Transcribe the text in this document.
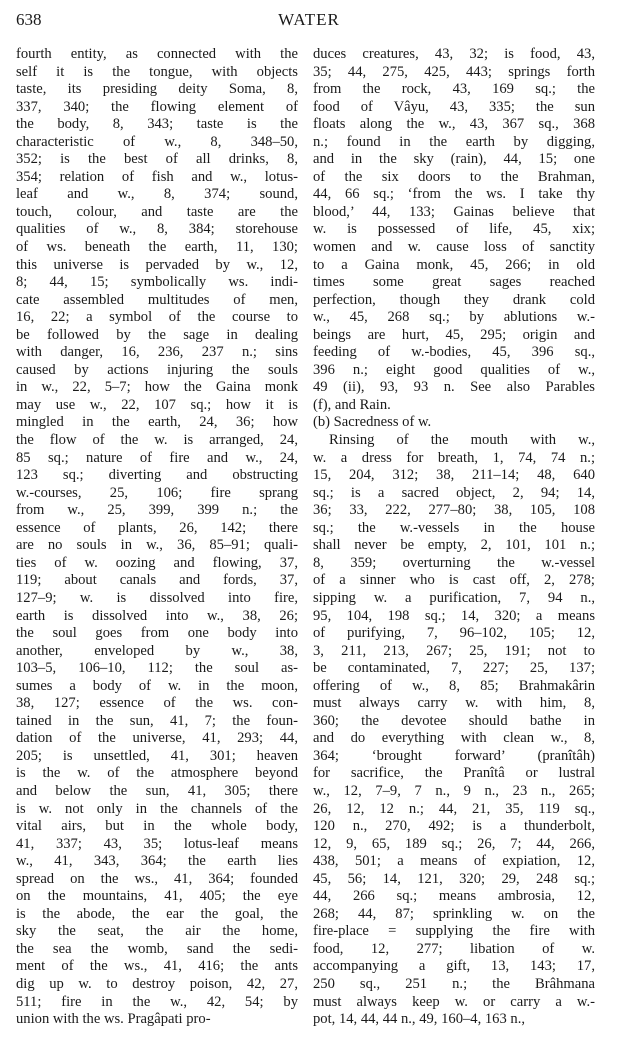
638	WATER
fourth entity, as connected with the
self it is the tongue, with objects
taste, its presiding deity Soma, 8,
337, 340; the flowing element of
the body, 8, 343; taste is the
characteristic of w., 8, 348–50,
352; is the best of all drinks, 8,
354; relation of fish and w., lotus-
leaf and w., 8, 374; sound,
touch, colour, and taste are the
qualities of w., 8, 384; storehouse
of ws. beneath the earth, 11, 130;
this universe is pervaded by w., 12,
8; 44, 15; symbolically ws. indi-
cate assembled multitudes of men,
16, 22; a symbol of the course to
be followed by the sage in dealing
with danger, 16, 236, 237 n.; sins
caused by actions injuring the souls
in w., 22, 5–7; how the Gaina monk
may use w., 22, 107 sq.; how it is
mingled in the earth, 24, 36; how
the flow of the w. is arranged, 24,
85 sq.; nature of fire and w., 24,
123 sq.; diverting and obstructing
w.-courses, 25, 106; fire sprang
from w., 25, 399, 399 n.; the
essence of plants, 26, 142; there
are no souls in w., 36, 85–91; quali-
ties of w. oozing and flowing, 37,
119; about canals and fords, 37,
127–9; w. is dissolved into fire,
earth is dissolved into w., 38, 26;
the soul goes from one body into
another, enveloped by w., 38,
103–5, 106–10, 112; the soul as-
sumes a body of w. in the moon,
38, 127; essence of the ws. con-
tained in the sun, 41, 7; the foun-
dation of the universe, 41, 293; 44,
205; is unsettled, 41, 301; heaven
is the w. of the atmosphere beyond
and below the sun, 41, 305; there
is w. not only in the channels of the
vital airs, but in the whole body,
41, 337; 43, 35; lotus-leaf means
w., 41, 343, 364; the earth lies
spread on the ws., 41, 364; founded
on the mountains, 41, 405; the eye
is the abode, the ear the goal, the
sky the seat, the air the home,
the sea the womb, sand the sedi-
ment of the ws., 41, 416; the ants
dig up w. to destroy poison, 42, 27,
511; fire in the w., 42, 54; by
union with the ws. Pragâpati pro-
duces creatures, 43, 32; is food, 43,
35; 44, 275, 425, 443; springs forth
from the rock, 43, 169 sq.; the
food of Vâyu, 43, 335; the sun
floats along the w., 43, 367 sq., 368
n.; found in the earth by digging,
and in the sky (rain), 44, 15; one
of the six doors to the Brahman,
44, 66 sq.; ‘from the ws. I take thy
blood,’ 44, 133; Gainas believe that
w. is possessed of life, 45, xix;
women and w. cause loss of sanctity
to a Gaina monk, 45, 266; in old
times some great sages reached
perfection, though they drank cold
w., 45, 268 sq.; by ablutions w.-
beings are hurt, 45, 295; origin and
feeding of w.-bodies, 45, 396 sq.,
396 n.; eight good qualities of w.,
49 (ii), 93, 93 n. See also Parables
(f), and Rain.
(b) Sacredness of w.
Rinsing of the mouth with w.,
w. a dress for breath, 1, 74, 74 n.;
15, 204, 312; 38, 211–14; 48, 640
sq.; is a sacred object, 2, 94; 14,
36; 33, 222, 277–80; 38, 105, 108
sq.; the w.-vessels in the house
shall never be empty, 2, 101, 101 n.;
8, 359; overturning the w.-vessel
of a sinner who is cast off, 2, 278;
sipping w. a purification, 7, 94 n.,
95, 104, 198 sq.; 14, 320; a means
of purifying, 7, 96–102, 105; 12,
3, 211, 213, 267; 25, 191; not to
be contaminated, 7, 227; 25, 137;
offering of w., 8, 85; Brahmakârin
must always carry w. with him, 8,
360; the devotee should bathe in
and do everything with clean w., 8,
364; ‘brought forward’ (pranîtâh)
for sacrifice, the Pranîtâ or lustral
w., 12, 7–9, 7 n., 9 n., 23 n., 265;
26, 12, 12 n.; 44, 21, 35, 119 sq.,
120 n., 270, 492; is a thunderbolt,
12, 9, 65, 189 sq.; 26, 7; 44, 266,
438, 501; a means of expiation, 12,
45, 56; 14, 121, 320; 29, 248 sq.;
44, 266 sq.; means ambrosia, 12,
268; 44, 87; sprinkling w. on the
fire-place = supplying the fire with
food, 12, 277; libation of w.
accompanying a gift, 13, 143; 17,
250 sq., 251 n.; the Brâhmana
must always keep w. or carry a w.-
pot, 14, 44, 44 n., 49, 160–4, 163 n.,
